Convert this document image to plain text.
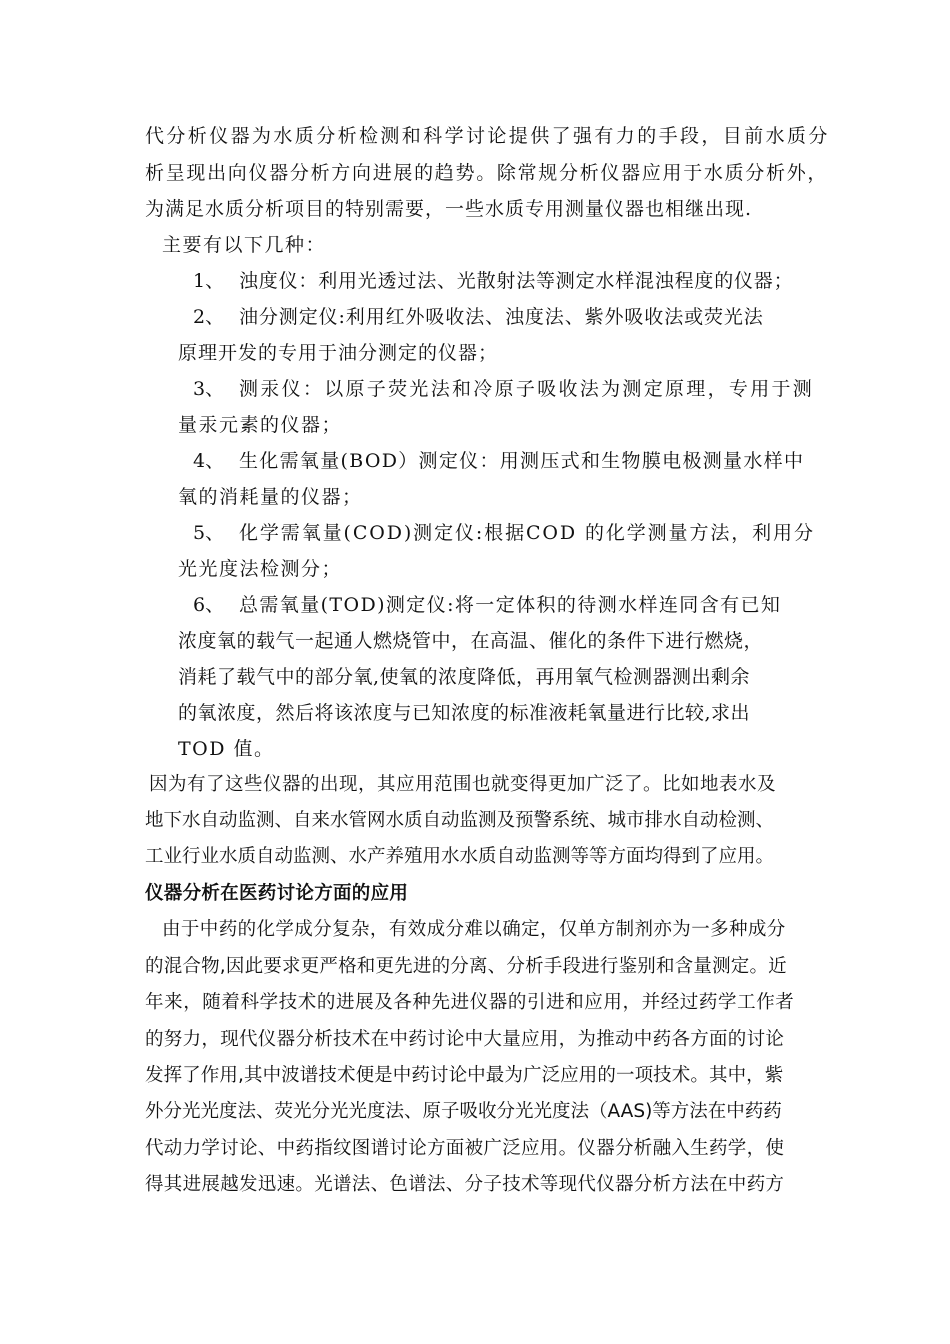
代分析仪器为水质分析检测和科学讨论提供了强有力的手段，目前水质分
析呈现出向仪器分析方向进展的趋势。除常规分析仪器应用于水质分析外，
为满足水质分析项目的特别需要，一些水质专用测量仪器也相继出现.
主要有以下几种：
1、 浊度仪：利用光透过法、光散射法等测定水样混浊程度的仪器；
2、 油分测定仪:利用红外吸收法、浊度法、紫外吸收法或荧光法
原理开发的专用于油分测定的仪器；
3、 测汞仪：以原子荧光法和冷原子吸收法为测定原理，专用于测
量汞元素的仪器；
4、 生化需氧量(BOD）测定仪：用测压式和生物膜电极测量水样中
氧的消耗量的仪器；
5、 化学需氧量(COD)测定仪:根据COD 的化学测量方法，利用分
光光度法检测分；
6、 总需氧量(TOD)测定仪:将一定体积的待测水样连同含有已知
浓度氧的载气一起通人燃烧管中，在高温、催化的条件下进行燃烧，
消耗了载气中的部分氧,使氧的浓度降低，再用氧气检测器测出剩余
的氧浓度，然后将该浓度与已知浓度的标准液耗氧量进行比较,求出
TOD 值。
因为有了这些仪器的出现，其应用范围也就变得更加广泛了。比如地表水及
地下水自动监测、自来水管网水质自动监测及预警系统、城市排水自动检测、
工业行业水质自动监测、水产养殖用水水质自动监测等等方面均得到了应用。
仪器分析在医药讨论方面的应用
由于中药的化学成分复杂，有效成分难以确定，仅单方制剂亦为一多种成分
的混合物,因此要求更严格和更先进的分离、分析手段进行鉴别和含量测定。近
年来，随着科学技术的进展及各种先进仪器的引进和应用，并经过药学工作者
的努力，现代仪器分析技术在中药讨论中大量应用，为推动中药各方面的讨论
发挥了作用,其中波谱技术便是中药讨论中最为广泛应用的一项技术。其中，紫
外分光光度法、荧光分光光度法、原子吸收分光光度法（AAS)等方法在中药药
代动力学讨论、中药指纹图谱讨论方面被广泛应用。仪器分析融入生药学，使
得其进展越发迅速。光谱法、色谱法、分子技术等现代仪器分析方法在中药方
